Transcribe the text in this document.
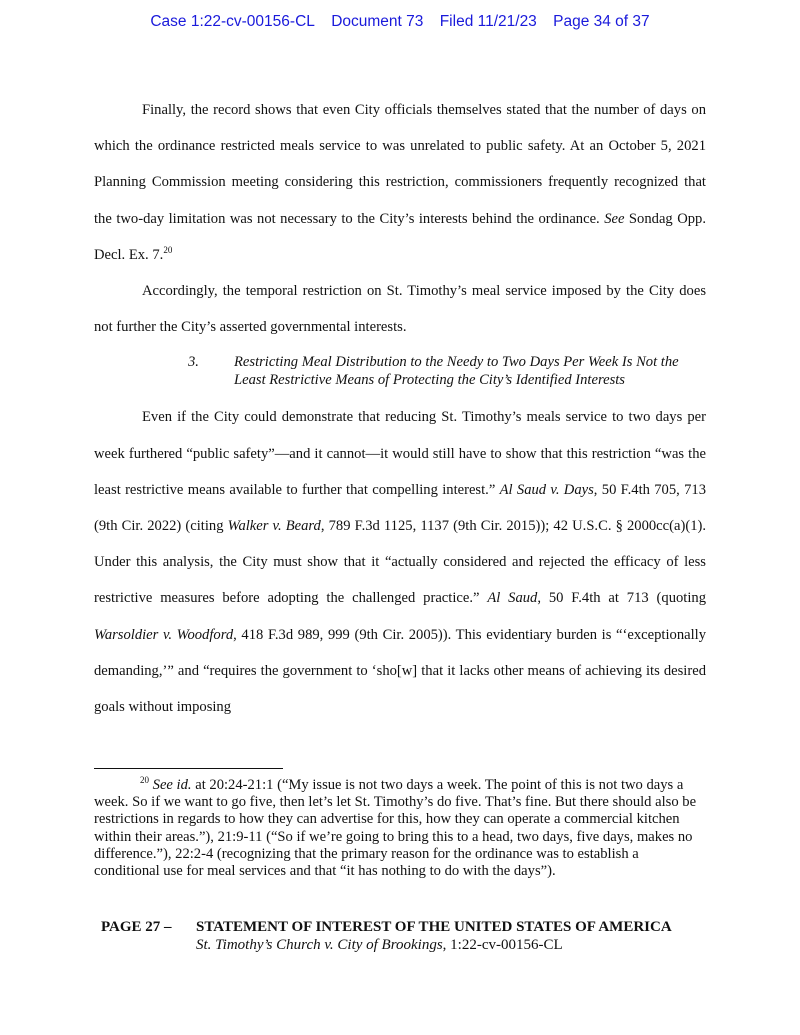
Case 1:22-cv-00156-CL Document 73 Filed 11/21/23 Page 34 of 37

Finally, the record shows that even City officials themselves stated that the number of days on which the ordinance restricted meals service to was unrelated to public safety. At an October 5, 2021 Planning Commission meeting considering this restriction, commissioners frequently recognized that the two-day limitation was not necessary to the City’s interests behind the ordinance. See Sondag Opp. Decl. Ex. 7.20

Accordingly, the temporal restriction on St. Timothy’s meal service imposed by the City does not further the City’s asserted governmental interests.

3. Restricting Meal Distribution to the Needy to Two Days Per Week Is Not the Least Restrictive Means of Protecting the City’s Identified Interests

Even if the City could demonstrate that reducing St. Timothy’s meals service to two days per week furthered “public safety”—and it cannot—it would still have to show that this restriction “was the least restrictive means available to further that compelling interest.” Al Saud v. Days, 50 F.4th 705, 713 (9th Cir. 2022) (citing Walker v. Beard, 789 F.3d 1125, 1137 (9th Cir. 2015)); 42 U.S.C. § 2000cc(a)(1). Under this analysis, the City must show that it “actually considered and rejected the efficacy of less restrictive measures before adopting the challenged practice.” Al Saud, 50 F.4th at 713 (quoting Warsoldier v. Woodford, 418 F.3d 989, 999 (9th Cir. 2005)). This evidentiary burden is “‘exceptionally demanding,’” and “requires the government to ‘sho[w] that it lacks other means of achieving its desired goals without imposing

$^{20}$ See id. at 20:24-21:1 (“My issue is not two days a week. The point of this is not two days a week. So if we want to go five, then let’s let St. Timothy’s do five. That’s fine. But there should also be restrictions in regards to how they can advertise for this, how they can operate a commercial kitchen within their areas.”), 21:9-11 (“So if we’re going to bring this to a head, two days, five days, makes no difference.”), 22:2-4 (recognizing that the primary reason for the ordinance was to establish a conditional use for meal services and that “it has nothing to do with the days”).

PAGE 27 – STATEMENT OF INTEREST OF THE UNITED STATES OF AMERICA
St. Timothy’s Church v. City of Brookings, 1:22-cv-00156-CL
